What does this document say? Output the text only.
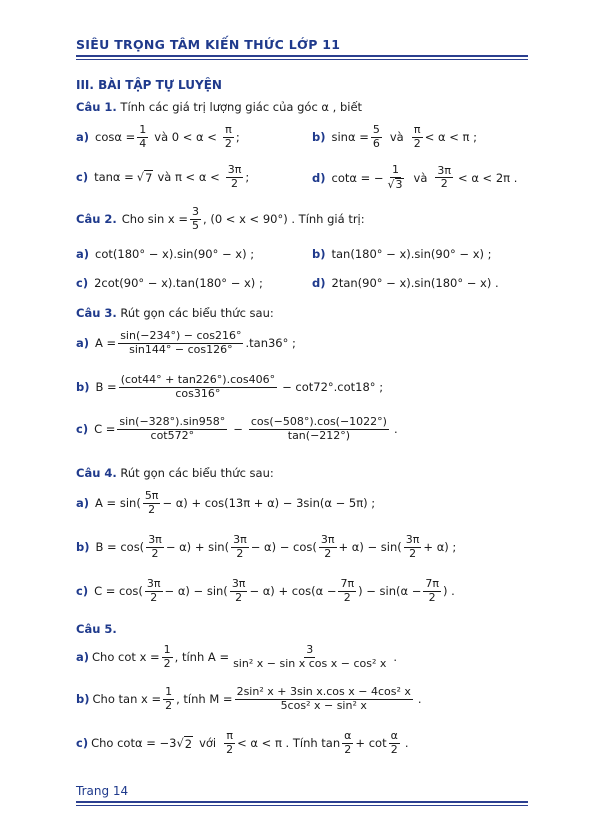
SIÊU TRỌNG TÂM KIẾN THỨC LỚP 11
III. BÀI TẬP TỰ LUYỆN
Câu 1. Tính các giá trị lượng giác của góc α , biết
a) $\cos\alpha = \frac{1}{4}$ và $0 < \alpha < \frac{\pi}{2}$ ;	b) $\sin\alpha = \frac{5}{6}$ và $\frac{\pi}{2} < \alpha < \pi$ ;
c) tanα = √ 7 và $\pi < \alpha < \frac{3\pi}{2}$ ;	d) cotα = − $\frac{1}{√3}$ và $\frac{3\pi}{2} < \alpha < 2\pi$ .
Câu 2. Cho $\sin x = \frac{3}{5}$ , (0 < x < 90°) . Tính giá trị:
a) cot(180° − x).sin(90° − x) ;	b) tan(180° − x).sin(90° − x) ;
c) 2cot(90° − x).tan(180° − x) ;	d) 2tan(90° − x).sin(180° − x) .
Câu 3. Rút gọn các biểu thức sau:
a) $A = \frac{\sin(-234^\circ) - \cos 216^\circ}{\sin 144^\circ - \cos 126^\circ} .\tan 36^\circ$ ;
b) $B = \frac{(\cot 44^\circ + \tan 226^\circ).\cos 406^\circ}{\cos 316^\circ} - \cot 72^\circ.\cot 18^\circ$ ;
c) $C = \frac{\sin(-328^\circ).\sin 958^\circ}{\cot 572^\circ} - \frac{\cos(-508^\circ).\cos(-1022^\circ)}{\tan(-212^\circ)}$ .
Câu 4. Rút gọn các biểu thức sau:
a) $A = \sin( \frac{5\pi}{2} - \alpha) + \cos(13\pi + \alpha) - 3\sin(\alpha - 5\pi)$ ;
b) $B = \cos( \frac{3\pi}{2} - \alpha) + \sin( \frac{3\pi}{2} - \alpha) - \cos( \frac{3\pi}{2} + \alpha) - \sin( \frac{3\pi}{2} + \alpha)$ ;
c) $C = \cos( \frac{3\pi}{2} - \alpha) - \sin( \frac{3\pi}{2} - \alpha) + \cos(\alpha - \frac{7\pi}{2}$ ) − $\sin(\alpha - \frac{7\pi}{2}$ ) .
Câu 5.
a) Cho $\cot x = \frac{1}{2}$ , tính $A = \frac{3}{\text{sin² x − sin x cos x − cos² x}}$ .
b) Cho $\tan x = \frac{1}{2}$ , tính $M = \frac{\text{2sin² x + 3sin x.cos x − 4cos² x}}{\text{5cos² x − sin² x}}$ .
c) Cho cotα = −3 √ 2 với $\frac{\pi}{2} < \alpha < \pi$ . Tính $\tan \frac{\alpha}{2} + \cot \frac{\alpha}{2}$ .
Trang 14
